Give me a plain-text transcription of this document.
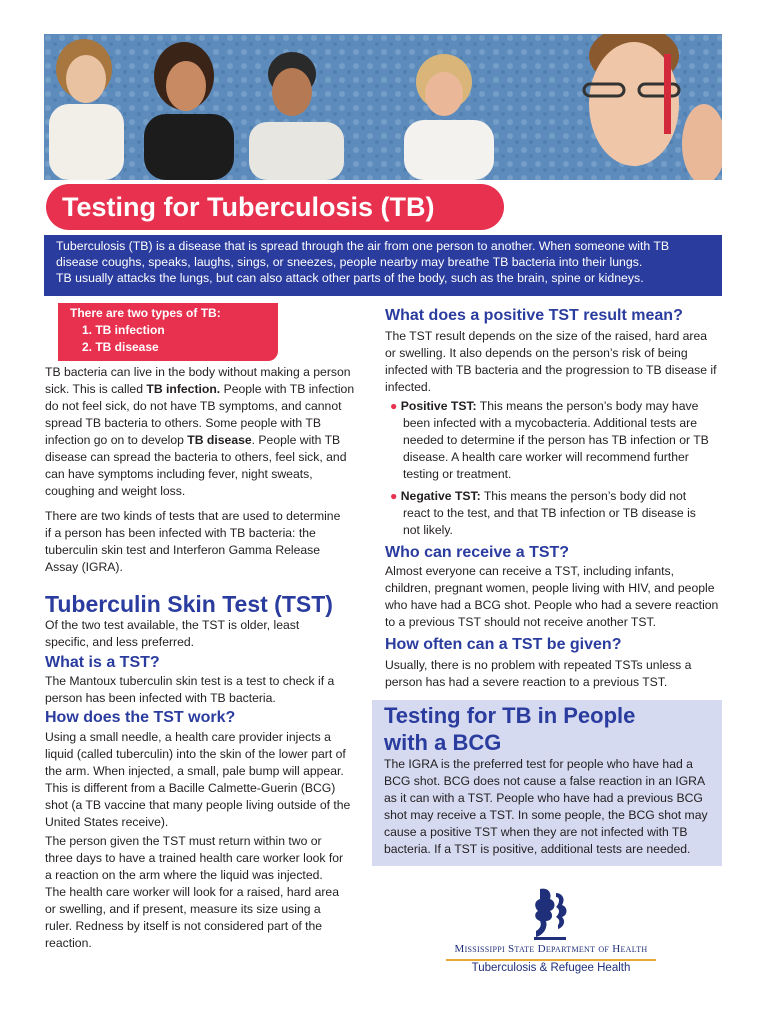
Testing for Tuberculosis (TB)

Tuberculosis (TB) is a disease that is spread through the air from one person to another. When someone with TB

disease coughs, speaks, laughs, sings, or sneezes, people nearby may breathe TB bacteria into their lungs.

TB usually attacks the lungs, but can also attack other parts of the body, such as the brain, spine or kidneys.

There are two types of TB:
1. TB infection
2. TB disease

TB bacteria can live in the body without making a person sick. This is called TB infection. People with TB infection do not feel sick, do not have TB symptoms, and cannot spread TB bacteria to others. Some people with TB infection go on to develop TB disease. People with TB disease can spread the bacteria to others, feel sick, and can have symptoms including fever, night sweats, coughing and weight loss.

There are two kinds of tests that are used to determine if a person has been infected with TB bacteria: the tuberculin skin test and Interferon Gamma Release Assay (IGRA).
Tuberculin Skin Test (TST)
Of the two test available, the TST is older, least specific, and less preferred.
What is a TST?
The Mantoux tuberculin skin test is a test to check if a person has been infected with TB bacteria.
How does the TST work?
Using a small needle, a health care provider injects a liquid (called tuberculin) into the skin of the lower part of the arm. When injected, a small, pale bump will appear. This is different from a Bacille Calmette-Guerin (BCG) shot (a TB vaccine that many people living outside of the United States receive).
The person given the TST must return within two or three days to have a trained health care worker look for a reaction on the arm where the liquid was injected. The health care worker will look for a raised, hard area or swelling, and if present, measure its size using a ruler. Redness by itself is not considered part of the reaction.
What does a positive TST result mean?
The TST result depends on the size of the raised, hard area or swelling. It also depends on the person’s risk of being infected with TB bacteria and the progression to TB disease if infected.

● Positive TST: This means the person’s body may have been infected with a mycobacteria. Additional tests are needed to determine if the person has TB infection or TB disease. A health care worker will recommend further testing or treatment.

● Negative TST: This means the person’s body did not react to the test, and that TB infection or TB disease is not likely.

Who can receive a TST?
Almost everyone can receive a TST, including infants, children, pregnant women, people living with HIV, and people who have had a BCG shot. People who had a severe reaction to a previous TST should not receive another TST.
How often can a TST be given?
Usually, there is no problem with repeated TSTs unless a person has had a severe reaction to a previous TST.
Testing for TB in People
with a BCG

The IGRA is the preferred test for people who have had a BCG shot. BCG does not cause a false reaction in an IGRA as it can with a TST. People who have had a previous BCG shot may receive a TST. In some people, the BCG shot may cause a positive TST when they are not infected with TB bacteria. If a TST is positive, additional tests are needed.

Mississippi State Department of Health
Tuberculosis & Refugee Health
